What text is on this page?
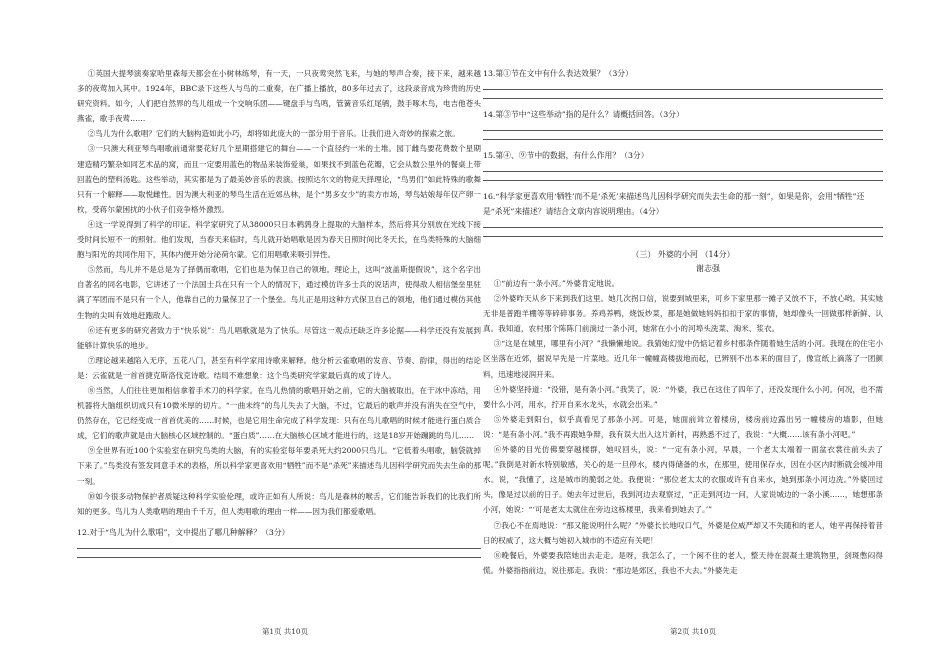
①英国大提琴演奏家哈里森每天都会在小树林练琴，有一天，一只夜莺突然飞来，与她的琴声合奏，接下来，越来越多的夜莺加入其中。1924年，BBC录下这些人与鸟的二重奏，在广播上播放，80多年过去了，这段录音成为珍贵的历史研究资料。如今，人们把自然界的鸟儿组成一个交响乐团——键盘手与鸟鸣，管簧音乐红尾鸲，鼓手啄木鸟，电吉他苍头燕雀，歌手夜莺……

②鸟儿为什么歌唱？它们的大脑构造如此小巧，却将如此庞大的一部分用于音乐。让我们进入奇妙的探索之旅。

③一只澳大利亚琴鸟唱歌前通常要花好几个星期搭建它的舞台——一个直径约一米的土堆。园丁雌鸟要花费数个星期建造精巧繁杂如同艺术品的窝，而且一定要用蓝色的物品来装饰爱巢，如果找不到蓝色花瓣，它会从数公里外的餐桌上带回蓝色的塑料汤匙。这些举动，其实都是为了最美妙音乐的表演。按照达尔文的物竞天择理论，“鸟男们”如此特殊的歌舞只有一个解释——取悦雌性。因为澳大利亚的琴鸟生活在近郊丛林，是个“男多女少”的卖方市场，琴鸟姑娘每年仅产卵一枚，受蒋尔蒙困扰的小伙子们竞争格外激烈。

④这一学说得到了科学的印证。科学家研究了从38000只日本鹌鹑身上提取的大脑样本，然后将其分别放在光线下接受时间长短不一的照射。他们发现，当春天来临时，鸟儿就开始唱歌是因为春天日照时间比冬天长，在鸟类特殊的大脑细胞与阳光的共同作用下，其体内便开始分泌荷尔蒙。它们用唱歌来吸引异性。

⑤然而，鸟儿并不是总是为了择偶而歌唱，它们也是为保卫自己的领地。理论上，这叫“波盖斯提假说”，这个名字出自著名的同名电影，它讲述了一个法国士兵在只有一个人的情况下，通过模仿许多士兵的说话声，使得敌人相信堡垒里驻满了军团而不是只有一个人，他靠自己的力量保卫了一个堡垒。鸟儿正是用这种方式保卫自己的领地，他们通过模仿其他生物的尖叫有效地赶跑敌人。

⑥还有更多的研究者致力于“快乐说”：鸟儿唱歌就是为了快乐。尽管这一观点还缺乏许多论据——科学还没有发展到能够计算快乐的地步。

⑦理论越来越陷入无序，五花八门，甚至有科学家用诗歌来解释。他分析云雀歌唱的发音、节奏、韵律，得出的结论是：云雀就是一首首捷克斯洛伐克诗歌。结局不难想象：这个鸟类研究学家最后真的成了诗人。

⑧当然，人们往往更加相信拿着手术刀的科学家。在鸟儿热情的歌唱开始之前，它的大脑被取出，在干冰中冻结，用机器将大脑组织切成只有10微米厚的切片。“一曲未终”的鸟儿失去了大脑，不过，它最后的歌声并没有消失在空气中，仍然存在，它已经变成一首首优美的……时候，也是它用生命完成了科学发现：只有在鸟儿歌唱的时候才能进行蛋白质合成，它们的歌声就是由大脑核心区域控制的。“蛋白质”……在大脑核心区域才能进行的，这是18岁开始蹦跳的鸟儿……

⑨全世界有近100个实验室在研究鸟类的大脑，有的实验室每年要杀死大约2000只鸟儿。“它低着头唱歌，脑袋就掉下来了。”鸟类没有签发同意手术的表格，所以科学家更喜欢用“牺牲”而不是“杀死”来描述鸟儿因科学研究而失去生命的那一刻。

⑩如今很多动物保护者质疑这种科学实验伦理，或许正如有人所说：鸟儿是森林的喉舌，它们能告诉我们的比我们所知的更多。鸟儿为人类歌唱的理由千千万，但人类唱歌的理由一样——因为我们都爱歌唱。

12.对于“鸟儿为什么歌唱”，文中提出了哪几种解释？（3分）

13.第①节在文中有什么表达效果？（3分）

14.第③节中“这些举动”指的是什么？请概括回答。（3分）

15.第④、⑨节中的数据，有什么作用？（3分）

16.“科学家更喜欢用‘牺牲’而不是‘杀死’来描述鸟儿因科学研究而失去生命的那一刻”，如果是你，会用“牺牲”还是“杀死”来描述？请结合文章内容说明理由。（4分）

（三） 外婆的小河 （14分）

谢志强

①“前边有一条小河。”外婆肯定地说。

②外婆昨天从乡下来到我们这里。她几次拐口信，说要到城里来，可乡下家里那一摊子又放不下，不放心哟。其实她无非是普跑羊棚等等碎碎事务。养鸡养鸭，烧饭炒菜，都是她做她妈妈扣扣于家的事情，她却像头一回做那样新鲜、认真。我知道，农村那个陈陈门前淌过一条小河，她常在小小的河埠头洗菜、淘米、浆衣。

③“这是在城里，哪里有小河？”我懒懒地说。我猜她幻觉中仍惦记着乡村那条件随着她生活的小河。我现在的住宅小区坐落在近郊，据说早先是一片菜地。近几年一幢幢高楼拔地而起，已辨别不出本来的面目了，像宣纸上滴落了一团颜料，迅速地浸润开来。

④外婆坚持道：“没错，是有条小河。”我笑了，说：“外婆，我已在这住了四年了，还没发现什么小河。何况，也不需要什么小河，用水，拧开自来水龙头，水就会出来。”

⑤外婆走到阳台，似乎真看见了那条小河。可是，她面前耸立着楼房，楼房前边露出另一幢楼房的墙影，但她说：“是有条小河。”我不再跟她争辩，我有误大出入这片新村，再熟悉不过了，我说：“大概……该有条小河吧。”

⑥外婆的目光仿佛要穿越楼群，她叹回头，说：“一定有条小河，早晨，一个老太太端着一面盆衣裳往前头去了呢。”我倒是对新水特别敏感，关心的是一旦停水，楼内得储备的水，在那里，使用保存水，因在小区内时断就会缓冲用水。说，“我懂了，这是城市的脆弱之处。我便说：“那位老太太的衣服或许有自来水，她到那条小河边洗。”外婆回过头，像是过以前的日子。她去年过世后，我到河边去观察过，“正走到河边一问，人家说城边的一条小溪……，她想那条小河，她说：“‘可是老太太就住在旁边这栋楼里，我来看到她去了。’”

⑦我心不在焉地说：“那又能说明什么呢？”外婆长长地叹口气，外婆是位威严却又不失随和的老人，她平再保持着昔日的权威了，这大概与她初入城市的不适应有关吧！

⑧晚餐后，外婆要我陪她出去走走。是呀，我怎么了，一个闲不住的老人，整天待在混凝土建筑物里，剑斑憋闷得慌。外婆指指前边，说往那走。我说：“那边是郊区，我也不大去。”外婆先走

第1页 共10页	第2页 共10页
